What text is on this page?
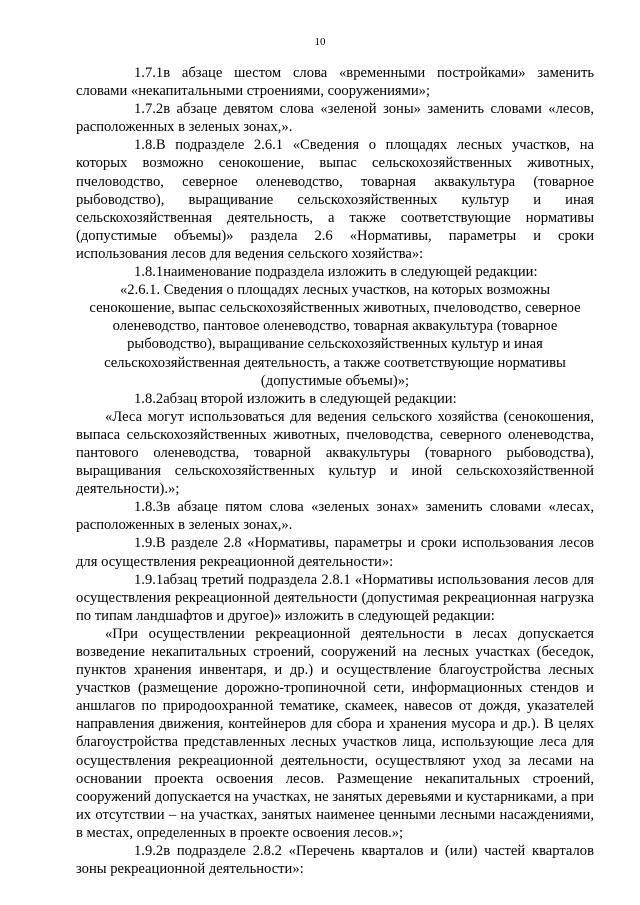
10

1.7.1в абзаце шестом слова «временными постройками» заменить словами «некапитальными строениями, сооружениями»;

1.7.2в абзаце девятом слова «зеленой зоны» заменить словами «лесов, расположенных в зеленых зонах,».

1.8.В подразделе 2.6.1 «Сведения о площадях лесных участков, на которых возможно сенокошение, выпас сельскохозяйственных животных, пчеловодство, северное оленеводство, товарная аквакультура (товарное рыбоводство), выращивание сельскохозяйственных культур и иная сельскохозяйственная деятельность, а также соответствующие нормативы (допустимые объемы)» раздела 2.6 «Нормативы, параметры и сроки использования лесов для ведения сельского хозяйства»:

1.8.1наименование подраздела изложить в следующей редакции:

«2.6.1. Сведения о площадях лесных участков, на которых возможны сенокошение, выпас сельскохозяйственных животных, пчеловодство, северное оленеводство, пантовое оленеводство, товарная аквакультура (товарное рыбоводство), выращивание сельскохозяйственных культур и иная сельскохозяйственная деятельность, а также соответствующие нормативы (допустимые объемы)»;

1.8.2абзац второй изложить в следующей редакции:

«Леса могут использоваться для ведения сельского хозяйства (сенокошения, выпаса сельскохозяйственных животных, пчеловодства, северного оленеводства, пантового оленеводства, товарной аквакультуры (товарного рыбоводства), выращивания сельскохозяйственных культур и иной сельскохозяйственной деятельности).»;

1.8.3в абзаце пятом слова «зеленых зонах» заменить словами «лесах, расположенных в зеленых зонах,».

1.9.В разделе 2.8 «Нормативы, параметры и сроки использования лесов для осуществления рекреационной деятельности»:

1.9.1абзац третий подраздела 2.8.1 «Нормативы использования лесов для осуществления рекреационной деятельности (допустимая рекреационная нагрузка по типам ландшафтов и другое)» изложить в следующей редакции:

«При осуществлении рекреационной деятельности в лесах допускается возведение некапитальных строений, сооружений на лесных участках (беседок, пунктов хранения инвентаря, и др.) и осуществление благоустройства лесных участков (размещение дорожно-тропиночной сети, информационных стендов и аншлагов по природоохранной тематике, скамеек, навесов от дождя, указателей направления движения, контейнеров для сбора и хранения мусора и др.). В целях благоустройства представленных лесных участков лица, использующие леса для осуществления рекреационной деятельности, осуществляют уход за лесами на основании проекта освоения лесов. Размещение некапитальных строений, сооружений допускается на участках, не занятых деревьями и кустарниками, а при их отсутствии – на участках, занятых наименее ценными лесными насаждениями, в местах, определенных в проекте освоения лесов.»;

1.9.2в подразделе 2.8.2 «Перечень кварталов и (или) частей кварталов зоны рекреационной деятельности»:
